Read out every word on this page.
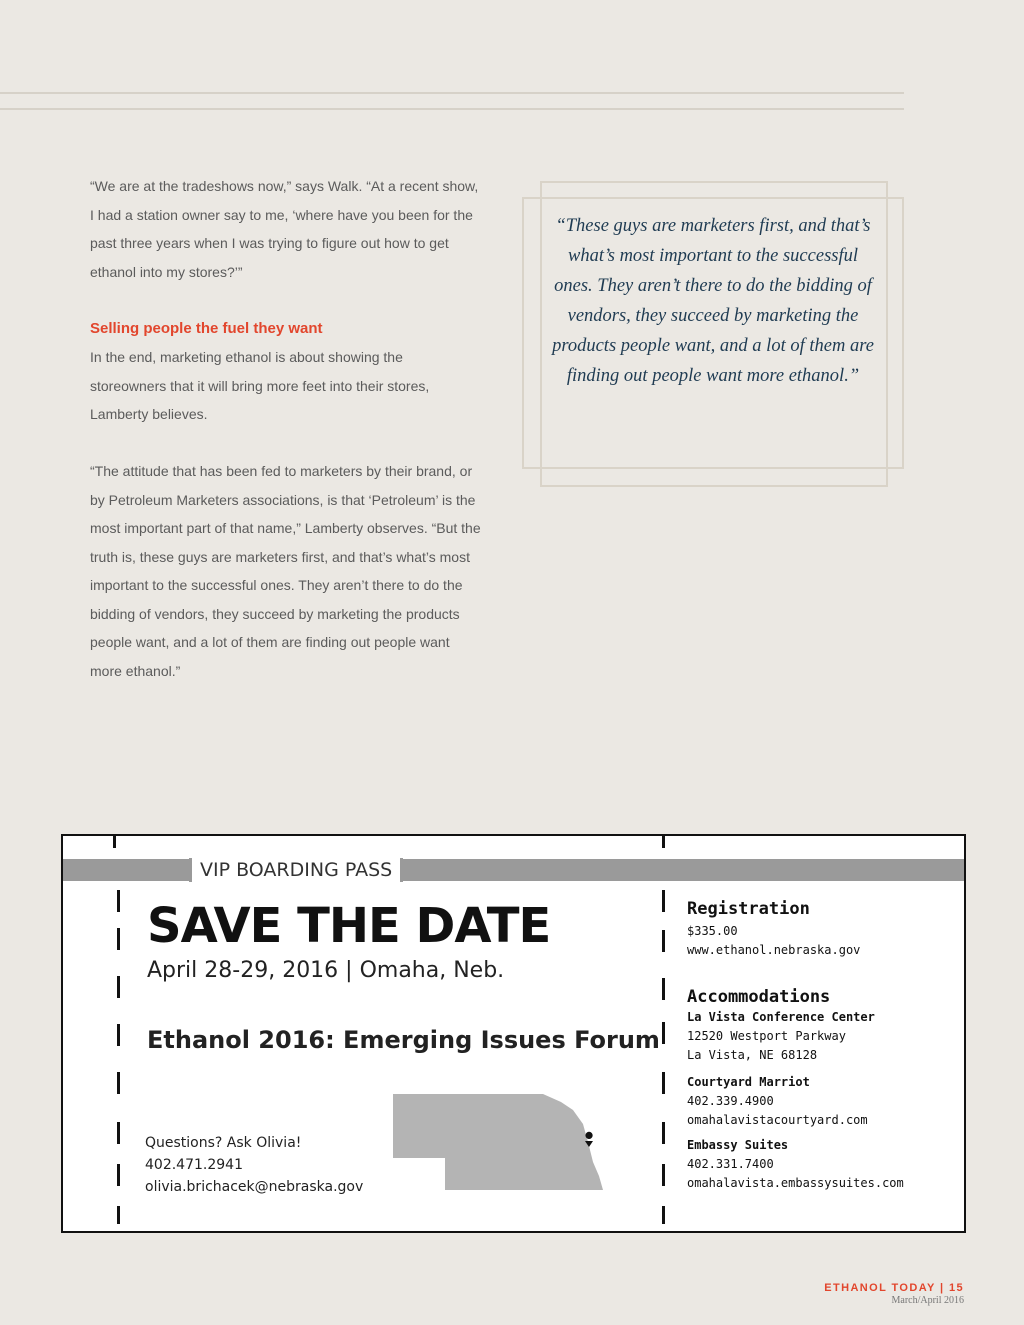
“We are at the tradeshows now,” says Walk. “At a recent show, I had a station owner say to me, ‘where have you been for the past three years when I was trying to figure out how to get ethanol into my stores?’”

Selling people the fuel they want

In the end, marketing ethanol is about showing the storeowners that it will bring more feet into their stores, Lamberty believes.

“The attitude that has been fed to marketers by their brand, or by Petroleum Marketers associations, is that ‘Petroleum’ is the most important part of that name,” Lamberty observes. “But the truth is, these guys are marketers first, and that’s what’s most important to the successful ones. They aren’t there to do the bidding of vendors, they succeed by marketing the products people want, and a lot of them are finding out people want more ethanol.”

“These guys are marketers first, and that’s what’s most important to the successful ones. They aren’t there to do the bidding of vendors, they succeed by marketing the products people want, and a lot of them are finding out people want more ethanol.”
VIP BOARDING PASS
SAVE THE DATE
April 28-29, 2016 | Omaha, Neb.
Ethanol 2016: Emerging Issues Forum
Questions? Ask Olivia!
402.471.2941
olivia.brichacek@nebraska.gov
Registration
$335.00
www.ethanol.nebraska.gov
Accommodations
La Vista Conference Center
12520 Westport Parkway
La Vista, NE 68128
Courtyard Marriot
402.339.4900
omahalavistacourtyard.com
Embassy Suites
402.331.7400
omahalavista.embassysuites.com
ETHANOL TODAY | 15
March/April 2016
